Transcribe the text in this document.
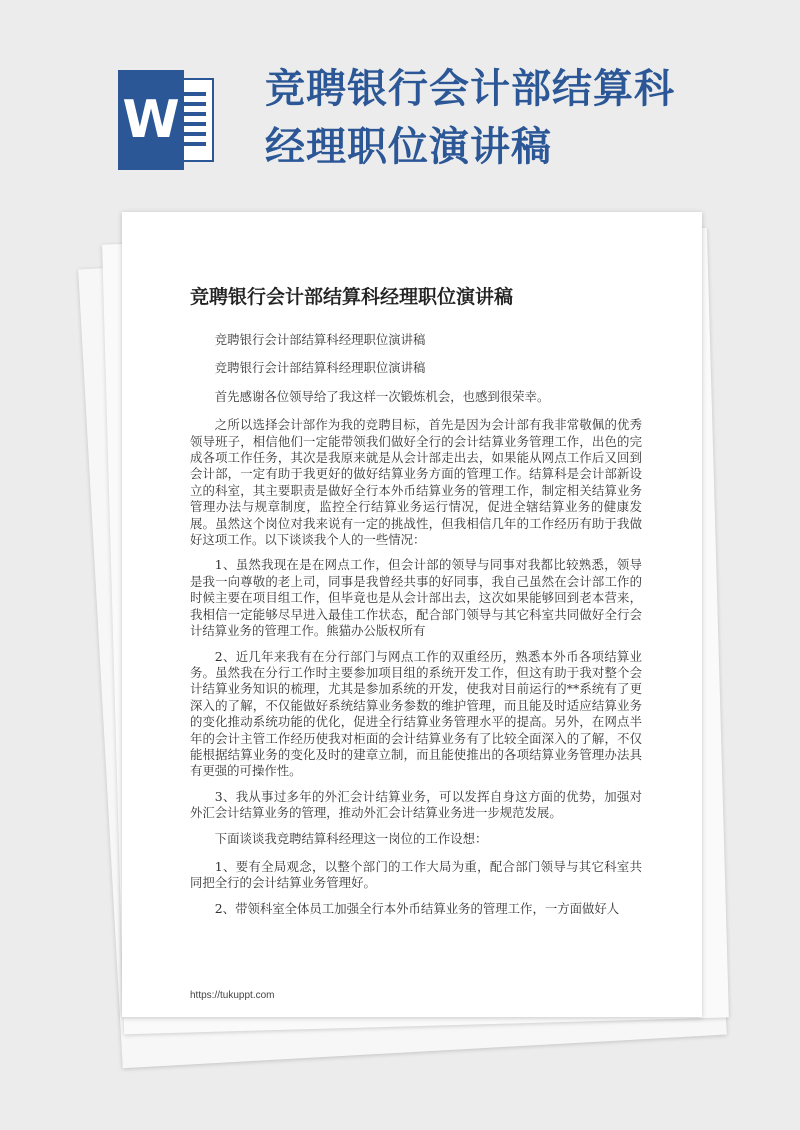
W
竞聘银行会计部结算科经理职位演讲稿
竞聘银行会计部结算科经理职位演讲稿

竞聘银行会计部结算科经理职位演讲稿

竞聘银行会计部结算科经理职位演讲稿

首先感谢各位领导给了我这样一次锻炼机会，也感到很荣幸。

之所以选择会计部作为我的竞聘目标，首先是因为会计部有我非常敬佩的优秀领导班子，相信他们一定能带领我们做好全行的会计结算业务管理工作，出色的完成各项工作任务，其次是我原来就是从会计部走出去，如果能从网点工作后又回到会计部，一定有助于我更好的做好结算业务方面的管理工作。结算科是会计部新设立的科室，其主要职责是做好全行本外币结算业务的管理工作，制定相关结算业务管理办法与规章制度，监控全行结算业务运行情况，促进全辖结算业务的健康发展。虽然这个岗位对我来说有一定的挑战性，但我相信几年的工作经历有助于我做好这项工作。以下谈谈我个人的一些情况：

1、虽然我现在是在网点工作，但会计部的领导与同事对我都比较熟悉，领导是我一向尊敬的老上司，同事是我曾经共事的好同事，我自己虽然在会计部工作的时候主要在项目组工作，但毕竟也是从会计部出去，这次如果能够回到老本营来，我相信一定能够尽早进入最佳工作状态，配合部门领导与其它科室共同做好全行会计结算业务的管理工作。熊猫办公版权所有

2、近几年来我有在分行部门与网点工作的双重经历，熟悉本外币各项结算业务。虽然我在分行工作时主要参加项目组的系统开发工作，但这有助于我对整个会计结算业务知识的梳理，尤其是参加系统的开发，使我对目前运行的**系统有了更深入的了解，不仅能做好系统结算业务参数的维护管理，而且能及时适应结算业务的变化推动系统功能的优化，促进全行结算业务管理水平的提高。另外，在网点半年的会计主管工作经历使我对柜面的会计结算业务有了比较全面深入的了解，不仅能根据结算业务的变化及时的建章立制，而且能使推出的各项结算业务管理办法具有更强的可操作性。

3、我从事过多年的外汇会计结算业务，可以发挥自身这方面的优势，加强对外汇会计结算业务的管理，推动外汇会计结算业务进一步规范发展。

下面谈谈我竞聘结算科经理这一岗位的工作设想：

1、要有全局观念，以整个部门的工作大局为重，配合部门领导与其它科室共同把全行的会计结算业务管理好。

2、带领科室全体员工加强全行本外币结算业务的管理工作，一方面做好人

https://tukuppt.com
